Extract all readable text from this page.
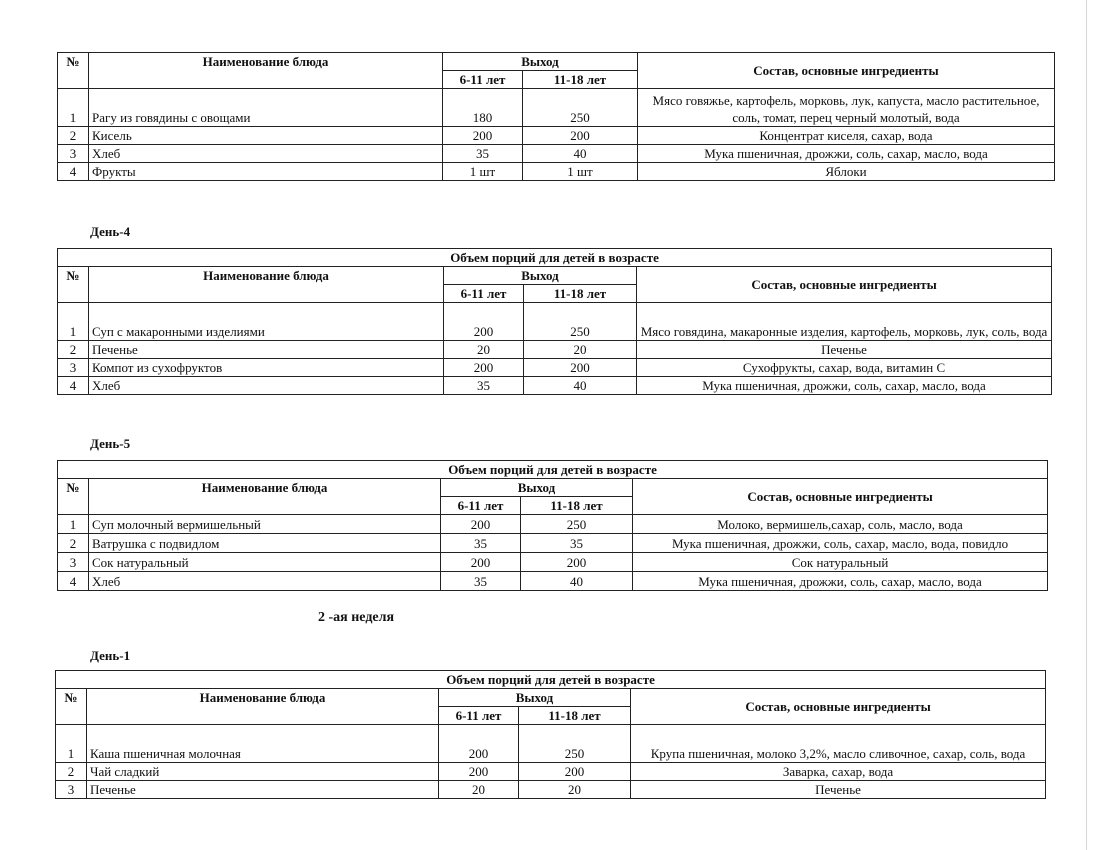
№	Наименование блюда	Выход		Состав, основные ингредиенты
		6-11 лет	11-18 лет	
1	Рагу из говядины с овощами	180	250	Мясо говяжье, картофель, морковь, лук, капуста, масло растительное, соль, томат, перец черный молотый, вода
2	Кисель	200	200	Концентрат киселя, сахар, вода
3	Хлеб	35	40	Мука пшеничная, дрожжи, соль, сахар, масло, вода
4	Фрукты	1 шт	1 шт	Яблоки
День-4
Объем порций для детей в возрасте				
№	Наименование блюда	Выход		Состав, основные ингредиенты
		6-11 лет	11-18 лет	
1	Суп с макаронными изделиями	200	250	Мясо говядина, макаронные изделия, картофель, морковь, лук, соль, вода
2	Печенье	20	20	Печенье
3	Компот из сухофруктов	200	200	Сухофрукты, сахар, вода, витамин С
4	Хлеб	35	40	Мука пшеничная, дрожжи, соль, сахар, масло, вода
День-5
Объем порций для детей в возрасте				
№	Наименование блюда	Выход		Состав, основные ингредиенты
		6-11 лет	11-18 лет	
1	Суп молочный вермишельный	200	250	Молоко, вермишель,сахар, соль, масло, вода
2	Ватрушка с подвидлом	35	35	Мука пшеничная, дрожжи, соль, сахар, масло, вода, повидло
3	Сок натуральный	200	200	Сок натуральный
4	Хлеб	35	40	Мука пшеничная, дрожжи, соль, сахар, масло, вода
2 -ая неделя
День-1
Объем порций для детей в возрасте				
№	Наименование блюда	Выход		Состав, основные ингредиенты
		6-11 лет	11-18 лет	
1	Каша пшеничная молочная	200	250	Крупа пшеничная, молоко 3,2%, масло сливочное, сахар, соль, вода
2	Чай сладкий	200	200	Заварка, сахар, вода
3	Печенье	20	20	Печенье
